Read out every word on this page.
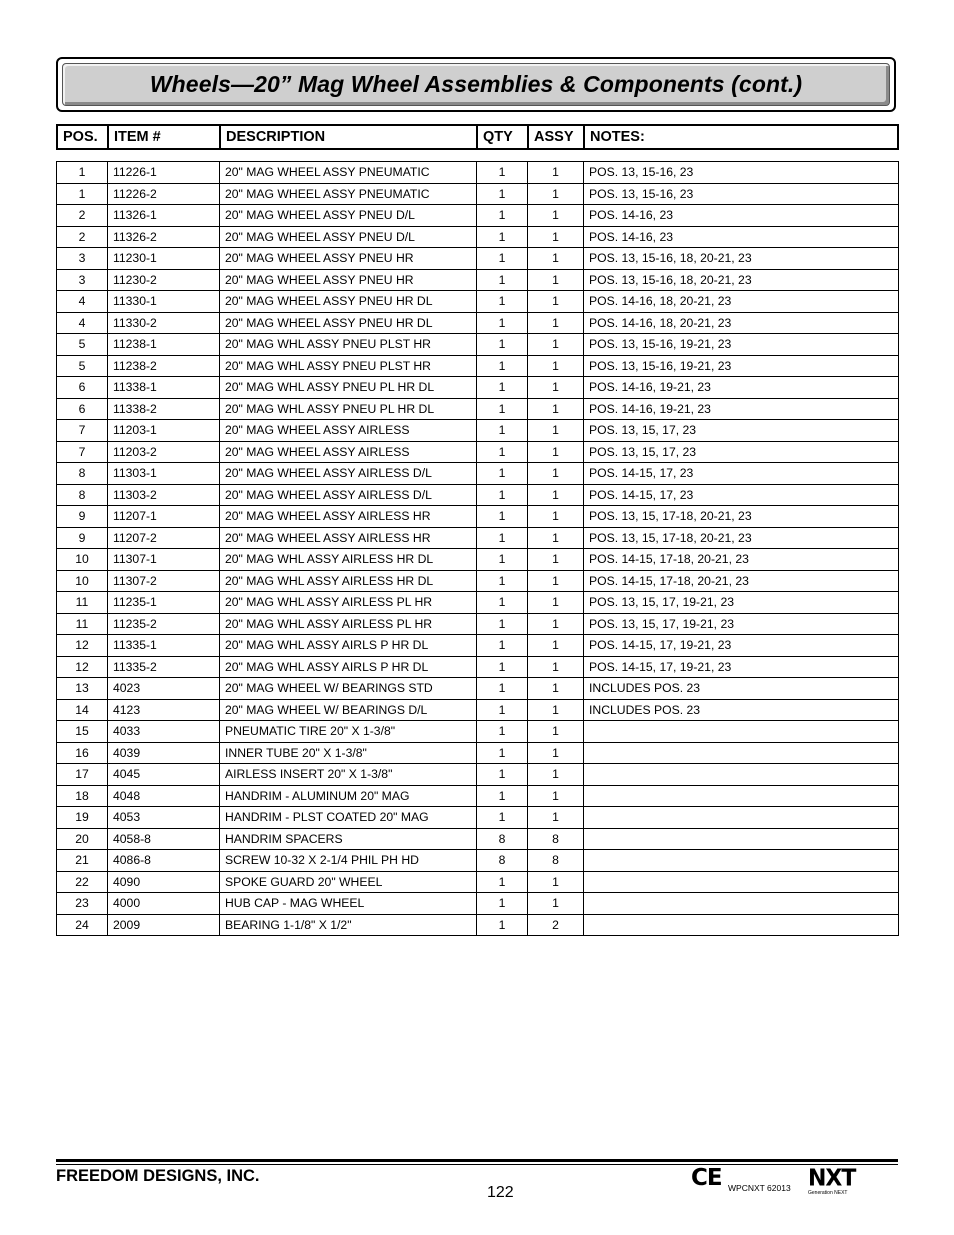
Wheels—20” Mag Wheel Assemblies & Components (cont.)
POS.	ITEM #	DESCRIPTION	QTY	ASSY	NOTES:
1	11226-1	20" MAG WHEEL ASSY PNEUMATIC	1	1	POS. 13, 15-16, 23
1	11226-2	20" MAG WHEEL ASSY PNEUMATIC	1	1	POS. 13, 15-16, 23
2	11326-1	20" MAG WHEEL ASSY PNEU D/L	1	1	POS. 14-16, 23
2	11326-2	20" MAG WHEEL ASSY PNEU D/L	1	1	POS. 14-16, 23
3	11230-1	20" MAG WHEEL ASSY PNEU HR	1	1	POS. 13, 15-16, 18, 20-21, 23
3	11230-2	20" MAG WHEEL ASSY PNEU HR	1	1	POS. 13, 15-16, 18, 20-21, 23
4	11330-1	20" MAG WHEEL ASSY PNEU HR DL	1	1	POS. 14-16, 18, 20-21, 23
4	11330-2	20" MAG WHEEL ASSY PNEU HR DL	1	1	POS. 14-16, 18, 20-21, 23
5	11238-1	20" MAG WHL ASSY PNEU PLST HR	1	1	POS. 13, 15-16, 19-21, 23
5	11238-2	20" MAG WHL ASSY PNEU PLST HR	1	1	POS. 13, 15-16, 19-21, 23
6	11338-1	20" MAG WHL ASSY PNEU PL HR DL	1	1	POS. 14-16, 19-21, 23
6	11338-2	20" MAG WHL ASSY PNEU PL HR DL	1	1	POS. 14-16, 19-21, 23
7	11203-1	20" MAG WHEEL ASSY AIRLESS	1	1	POS. 13, 15, 17, 23
7	11203-2	20" MAG WHEEL ASSY AIRLESS	1	1	POS. 13, 15, 17, 23
8	11303-1	20" MAG WHEEL ASSY AIRLESS D/L	1	1	POS. 14-15, 17, 23
8	11303-2	20" MAG WHEEL ASSY AIRLESS D/L	1	1	POS. 14-15, 17, 23
9	11207-1	20" MAG WHEEL ASSY AIRLESS HR	1	1	POS. 13, 15, 17-18, 20-21, 23
9	11207-2	20" MAG WHEEL ASSY AIRLESS HR	1	1	POS. 13, 15, 17-18, 20-21, 23
10	11307-1	20" MAG WHL ASSY AIRLESS HR DL	1	1	POS. 14-15, 17-18, 20-21, 23
10	11307-2	20" MAG WHL ASSY AIRLESS HR DL	1	1	POS. 14-15, 17-18, 20-21, 23
11	11235-1	20" MAG WHL ASSY AIRLESS PL HR	1	1	POS. 13, 15, 17, 19-21, 23
11	11235-2	20" MAG WHL ASSY AIRLESS PL HR	1	1	POS. 13, 15, 17, 19-21, 23
12	11335-1	20" MAG WHL ASSY AIRLS P HR DL	1	1	POS. 14-15, 17, 19-21, 23
12	11335-2	20" MAG WHL ASSY AIRLS P HR DL	1	1	POS. 14-15, 17, 19-21, 23
13	4023	20" MAG WHEEL W/ BEARINGS STD	1	1	INCLUDES POS. 23
14	4123	20" MAG WHEEL W/ BEARINGS D/L	1	1	INCLUDES POS. 23
15	4033	PNEUMATIC TIRE 20" X 1-3/8"	1	1	
16	4039	INNER TUBE 20" X 1-3/8"	1	1	
17	4045	AIRLESS INSERT 20" X 1-3/8"	1	1	
18	4048	HANDRIM - ALUMINUM 20" MAG	1	1	
19	4053	HANDRIM - PLST COATED 20" MAG	1	1	
20	4058-8	HANDRIM SPACERS	8	8	
21	4086-8	SCREW 10-32 X 2-1/4 PHIL PH HD	8	8	
22	4090	SPOKE GUARD 20" WHEEL	1	1	
23	4000	HUB CAP - MAG WHEEL	1	1	
24	2009	BEARING 1-1/8" X 1/2"	1	2	
FREEDOM DESIGNS, INC.
122
CE WPCNXT 62013 NXT
Generation NEXT
